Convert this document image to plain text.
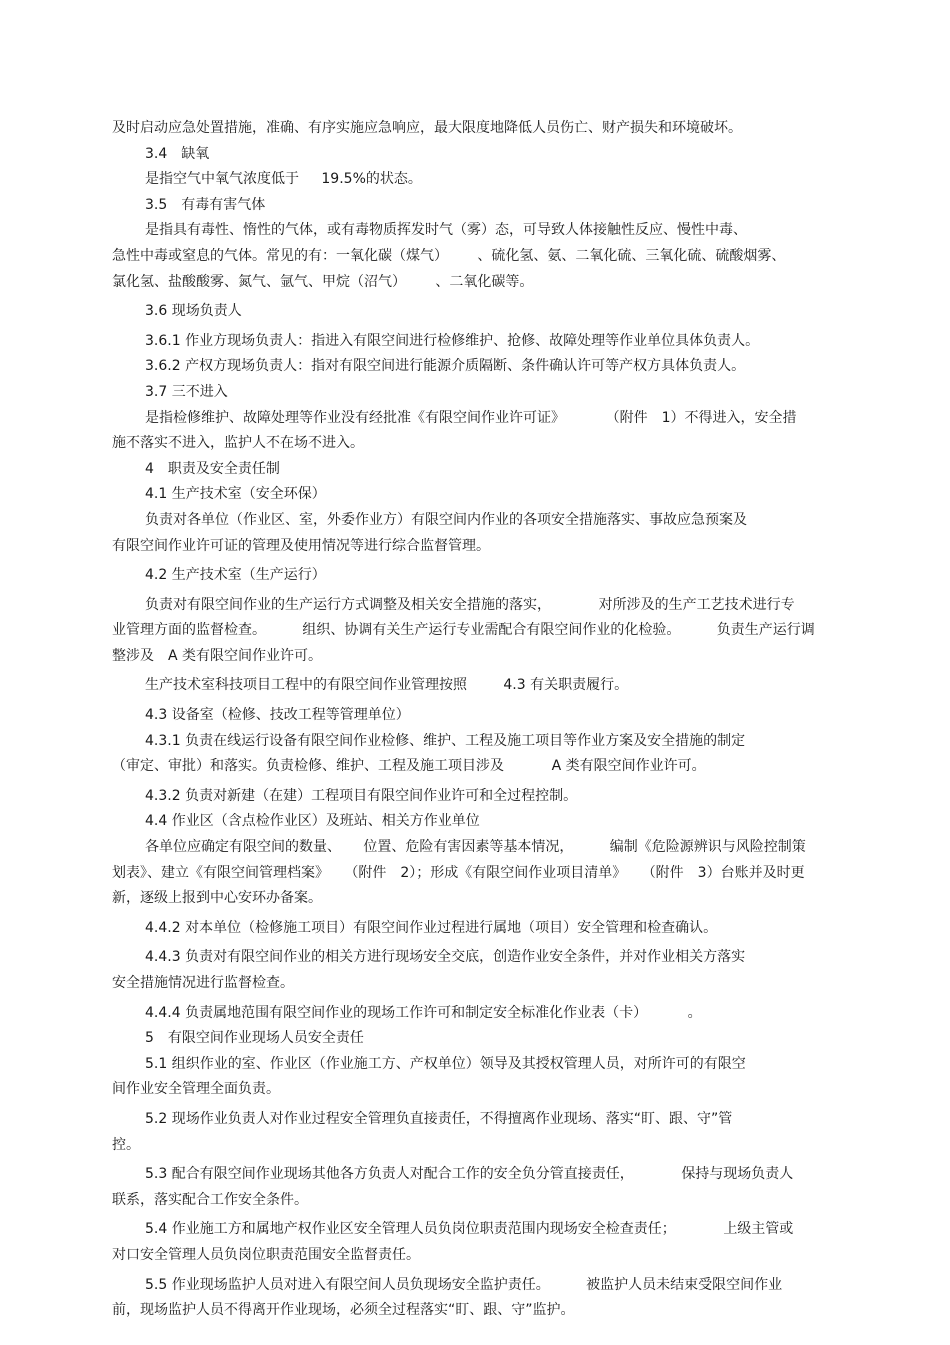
及时启动应急处置措施，准确、有序实施应急响应，最大限度地降低人员伤亡、财产损失和环境破坏。
3.4　缺氧
是指空气中氧气浓度低于 19.5%的状态。
3.5　有毒有害气体
是指具有毒性、惰性的气体，或有毒物质挥发时气（雾）态，可导致人体接触性反应、慢性中毒、
急性中毒或窒息的气体。常见的有：一氧化碳（煤气）	、硫化氢、氨、二氧化硫、三氧化硫、硫酸烟雾、
氯化氢、盐酸酸雾、氮气、氩气、甲烷（沼气）	、二氧化碳等。
3.6 现场负责人
3.6.1 作业方现场负责人：指进入有限空间进行检修维护、抢修、故障处理等作业单位具体负责人。
3.6.2 产权方现场负责人：指对有限空间进行能源介质隔断、条件确认许可等产权方具体负责人。
3.7 三不进入
是指检修维护、故障处理等作业没有经批准《有限空间作业许可证》	（附件　1）不得进入，安全措
施不落实不进入，监护人不在场不进入。
4　职责及安全责任制
4.1 生产技术室（安全环保）
负责对各单位（作业区、室，外委作业方）有限空间内作业的各项安全措施落实、事故应急预案及
有限空间作业许可证的管理及使用情况等进行综合监督管理。
4.2 生产技术室（生产运行）
负责对有限空间作业的生产运行方式调整及相关安全措施的落实，	对所涉及的生产工艺技术进行专
业管理方面的监督检查。	组织、协调有关生产运行专业需配合有限空间作业的化检验。	负责生产运行调
整涉及　A 类有限空间作业许可。
生产技术室科技项目工程中的有限空间作业管理按照	4.3 有关职责履行。
4.3 设备室（检修、技改工程等管理单位）
4.3.1 负责在线运行设备有限空间作业检修、维护、工程及施工项目等作业方案及安全措施的制定
（审定、审批）和落实。负责检修、维护、工程及施工项目涉及	A 类有限空间作业许可。
4.3.2 负责对新建（在建）工程项目有限空间作业许可和全过程控制。
4.4 作业区（含点检作业区）及班站、相关方作业单位
各单位应确定有限空间的数量、 位置、危险有害因素等基本情况，	编制《危险源辨识与风险控制策
划表》、建立《有限空间管理档案》 （附件　2）；形成《有限空间作业项目清单》 （附件　3）台账并及时更
新，逐级上报到中心安环办备案。
4.4.2 对本单位（检修施工项目）有限空间作业过程进行属地（项目）安全管理和检查确认。
4.4.3 负责对有限空间作业的相关方进行现场安全交底，创造作业安全条件，并对作业相关方落实
安全措施情况进行监督检查。
4.4.4 负责属地范围有限空间作业的现场工作许可和制定安全标准化作业表（卡）	。
5　有限空间作业现场人员安全责任
5.1 组织作业的室、作业区（作业施工方、产权单位）领导及其授权管理人员，对所许可的有限空
间作业安全管理全面负责。
5.2 现场作业负责人对作业过程安全管理负直接责任，不得擅离作业现场、落实“盯、跟、守”管
控。
5.3 配合有限空间作业现场其他各方负责人对配合工作的安全负分管直接责任，	保持与现场负责人
联系，落实配合工作安全条件。
5.4 作业施工方和属地产权作业区安全管理人员负岗位职责范围内现场安全检查责任；	上级主管或
对口安全管理人员负岗位职责范围安全监督责任。
5.5 作业现场监护人员对进入有限空间人员负现场安全监护责任。	被监护人员未结束受限空间作业
前，现场监护人员不得离开作业现场，必须全过程落实“盯、跟、守”监护。
